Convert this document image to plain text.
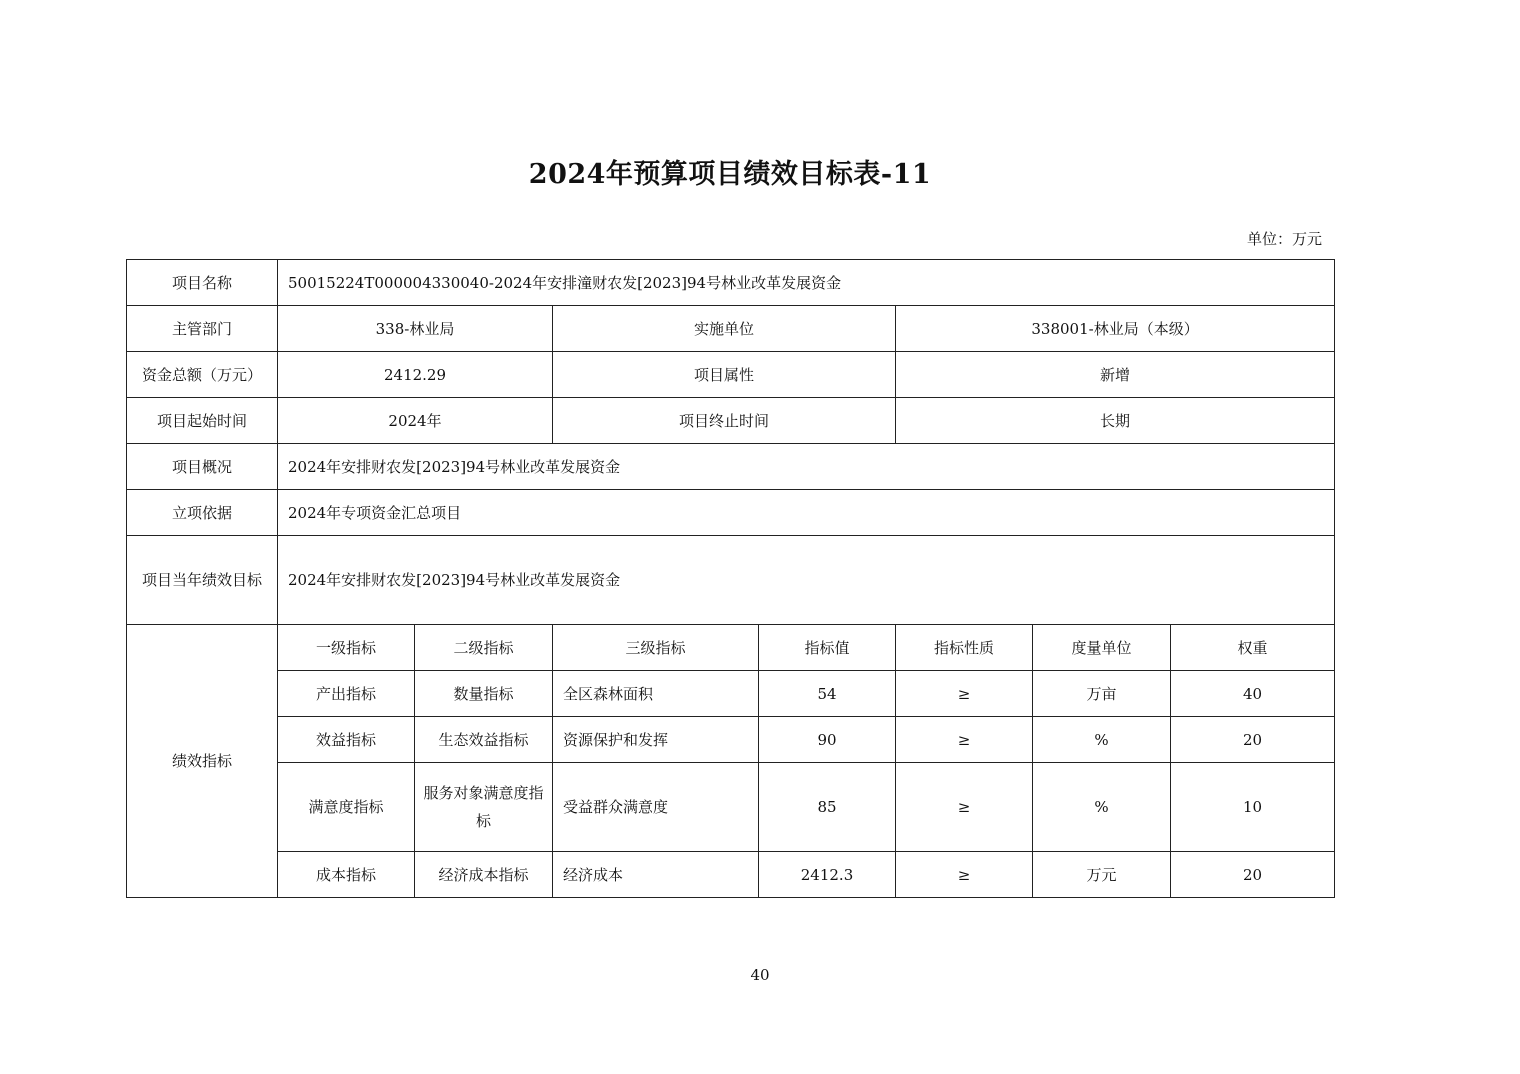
2024年预算项目绩效目标表-11
单位：万元
项目名称	50015224T000004330040-2024年安排潼财农发[2023]94号林业改革发展资金						
主管部门	338-林业局		实施单位		338001-林业局（本级）		
资金总额（万元）	2412.29		项目属性		新增		
项目起始时间	2024年		项目终止时间		长期		
项目概况	2024年安排财农发[2023]94号林业改革发展资金						
立项依据	2024年专项资金汇总项目						
项目当年绩效目标	2024年安排财农发[2023]94号林业改革发展资金						
绩效指标	一级指标	二级指标	三级指标	指标值	指标性质	度量单位	权重
	产出指标	数量指标	全区森林面积	54	≥	万亩	40
	效益指标	生态效益指标	资源保护和发挥	90	≥	%	20
	满意度指标	服务对象满意度指标	受益群众满意度	85	≥	%	10
	成本指标	经济成本指标	经济成本	2412.3	≥	万元	20
40
